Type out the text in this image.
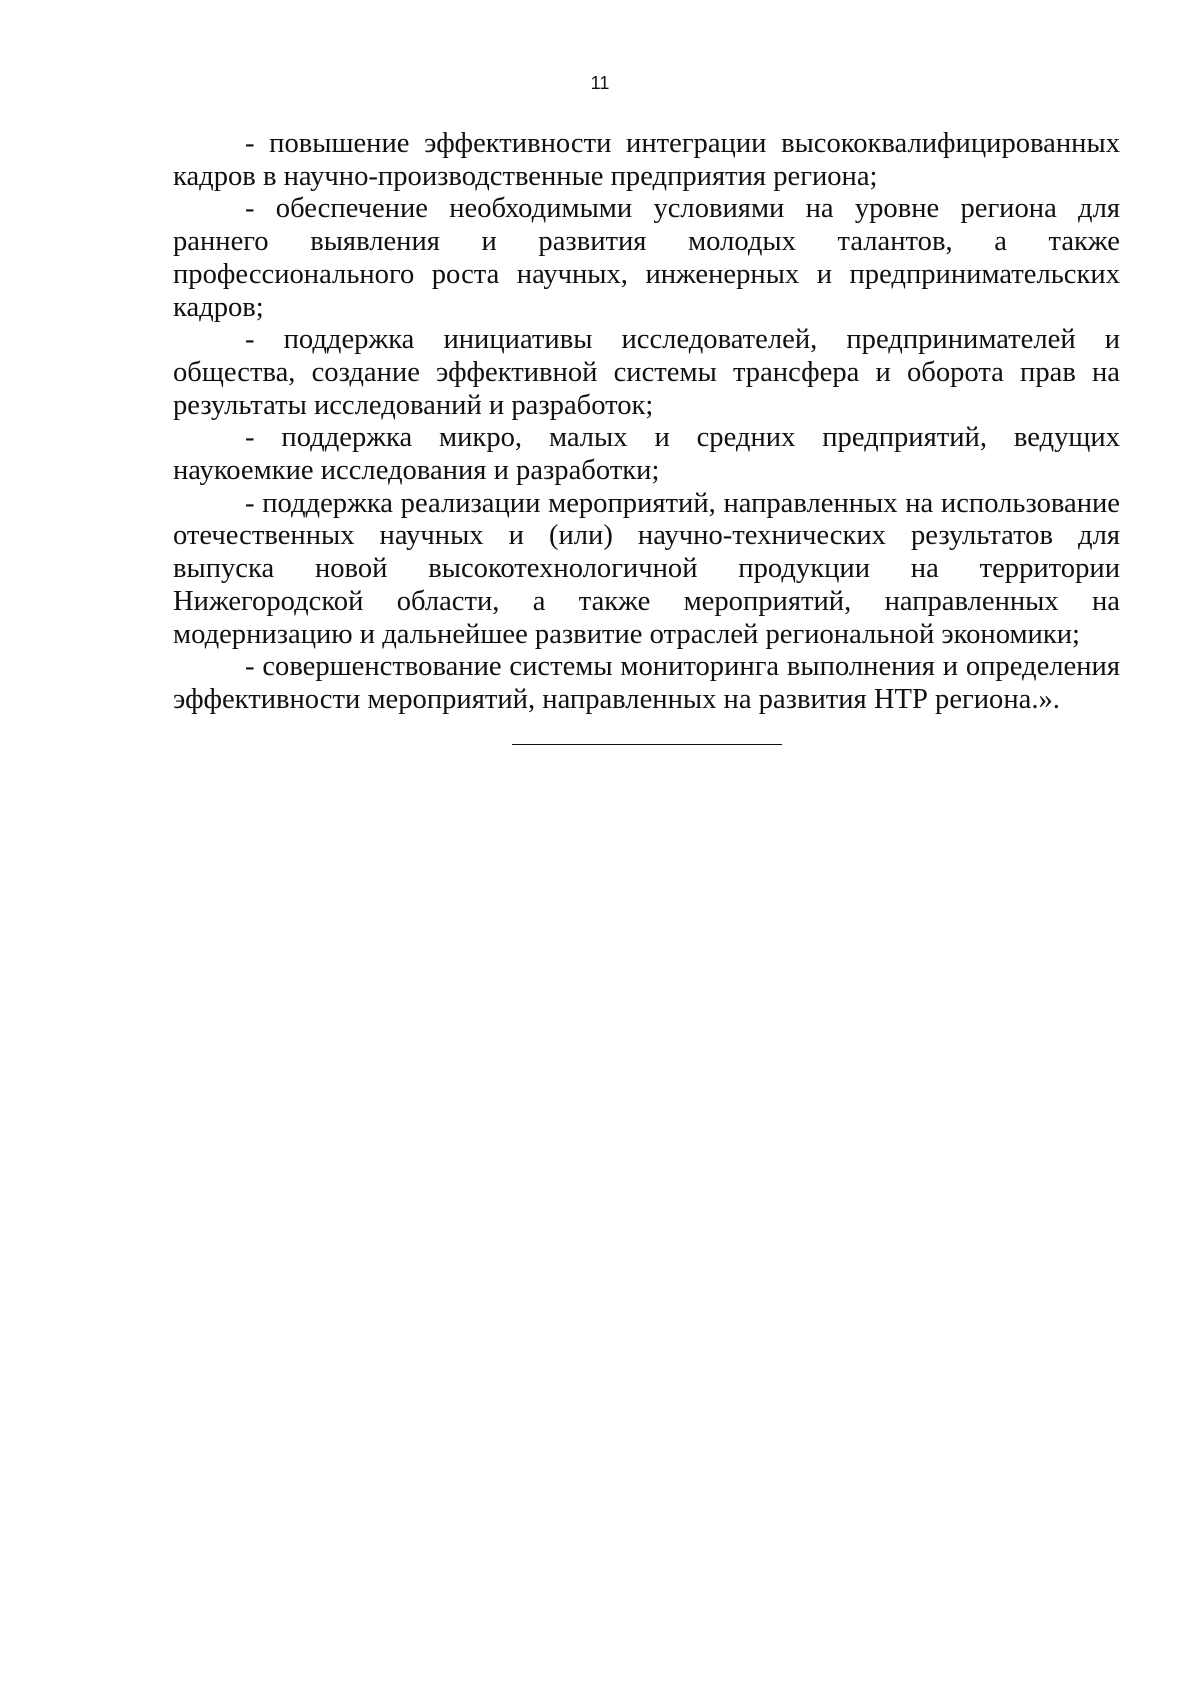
11

- повышение эффективности интеграции высококвалифицированных кадров в научно-производственные предприятия региона;

- обеспечение необходимыми условиями на уровне региона для раннего выявления и развития молодых талантов, а также профессионального роста научных, инженерных и предпринимательских кадров;

- поддержка инициативы исследователей, предпринимателей и общества, создание эффективной системы трансфера и оборота прав на результаты исследований и разработок;

- поддержка микро, малых и средних предприятий, ведущих наукоемкие исследования и разработки;

- поддержка реализации мероприятий, направленных на использование отечественных научных и (или) научно-технических результатов для выпуска новой высокотехнологичной продукции на территории Нижегородской области, а также мероприятий, направленных на модернизацию и дальнейшее развитие отраслей региональной экономики;

- совершенствование системы мониторинга выполнения и определения эффективности мероприятий, направленных на развития НТР региона.».
